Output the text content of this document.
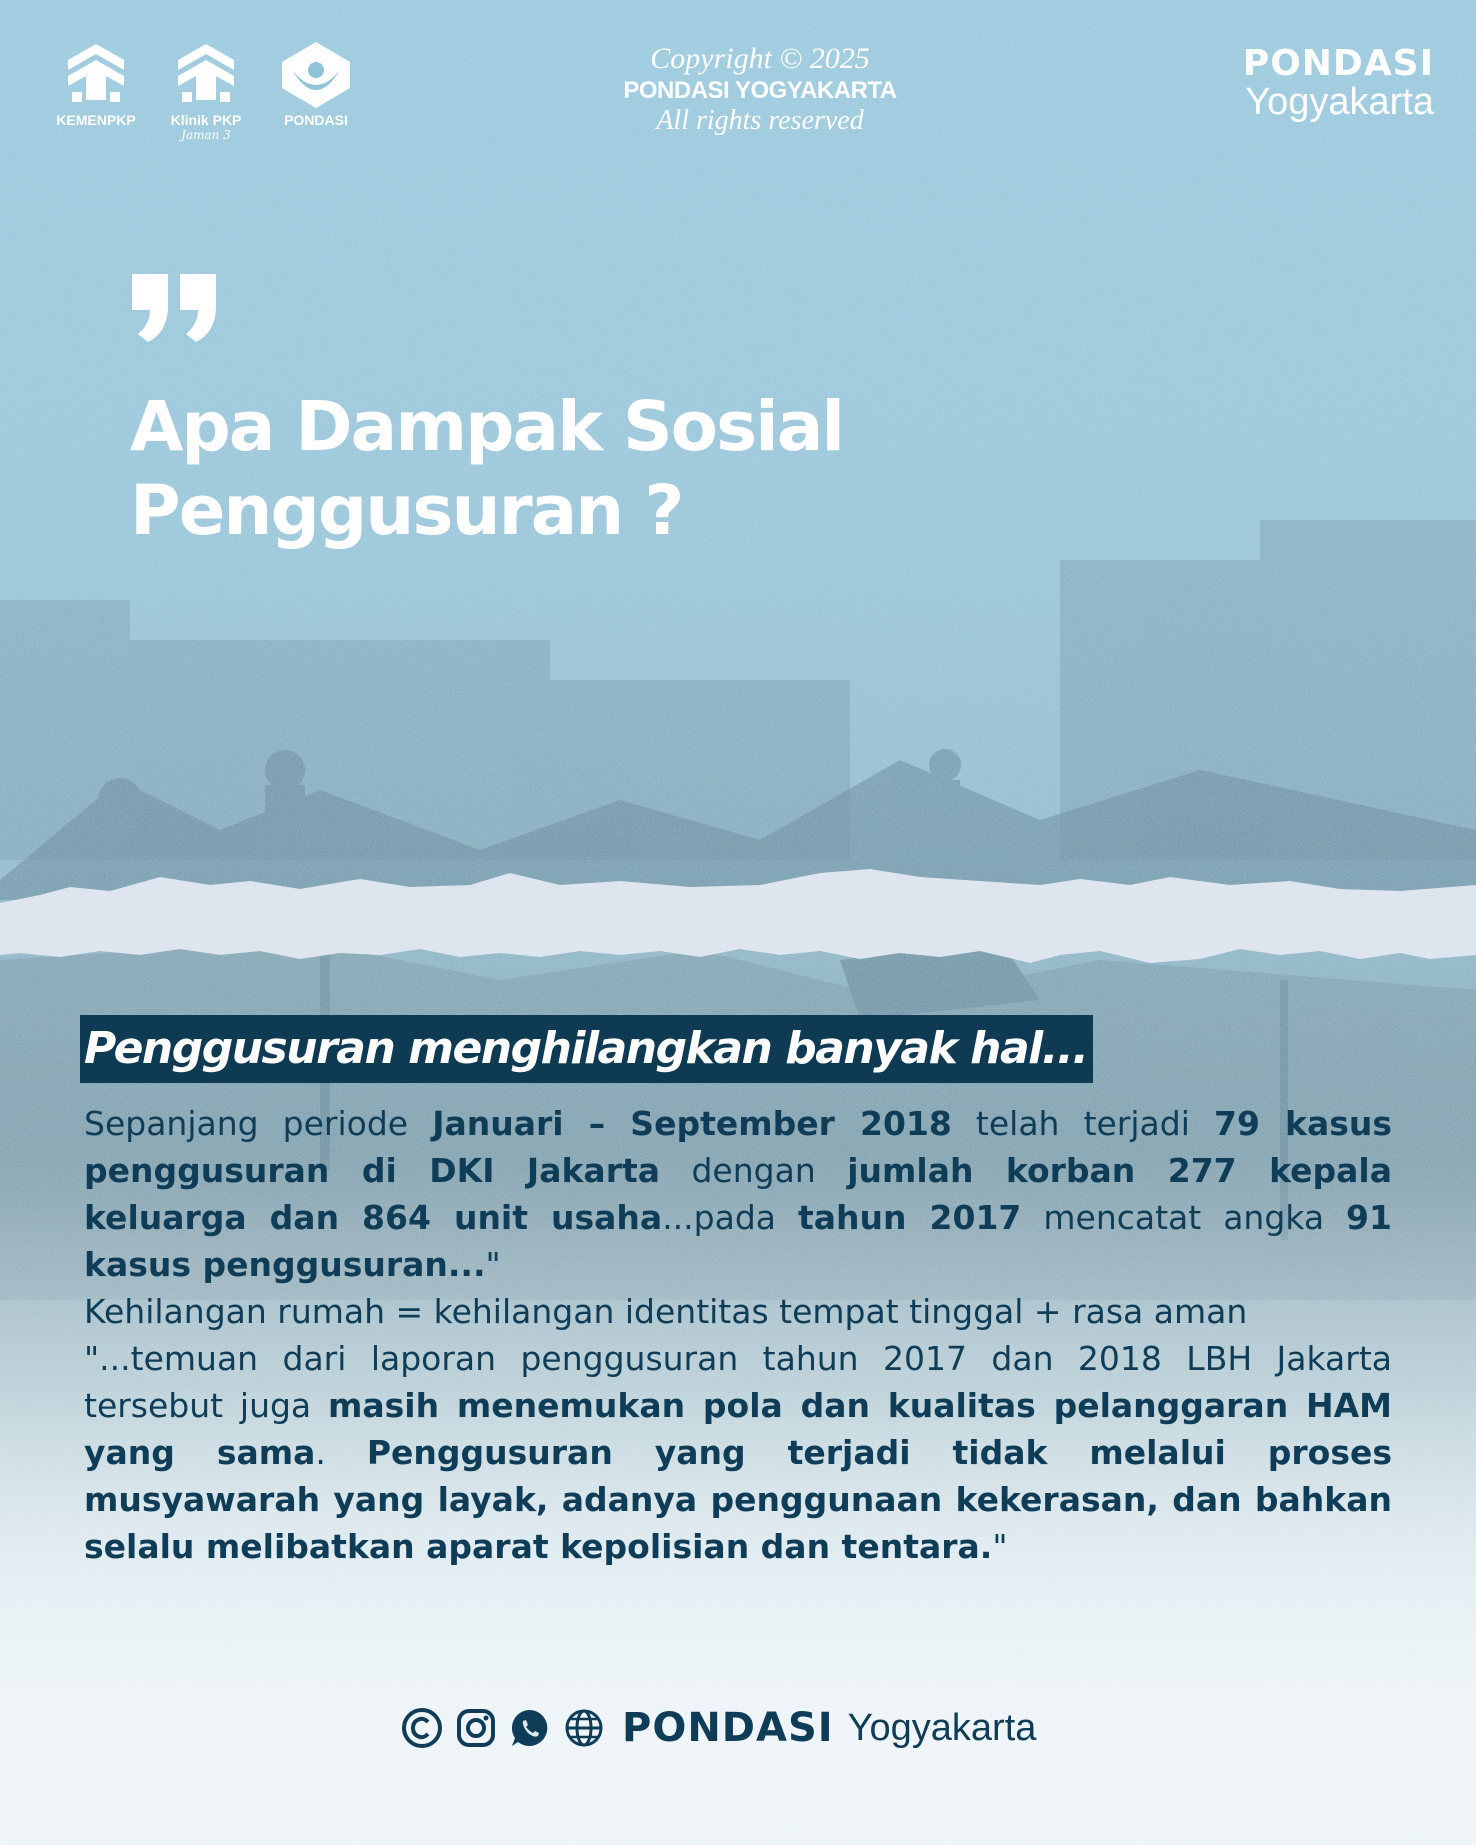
KEMENPKP Klinik PKP
Jaman 3
PONDASI
Copyright © 2025
PONDASI YOGYAKARTA
All rights reserved
PONDASI
Yogyakarta
Apa Dampak Sosial
Penggusuran ?
Penggusuran menghilangkan banyak hal...

Sepanjang periode Januari – September 2018 telah terjadi 79 kasus penggusuran di DKI Jakarta dengan jumlah korban 277 kepala keluarga dan 864 unit usaha...pada tahun 2017 mencatat angka 91 kasus penggusuran..."

Kehilangan rumah = kehilangan identitas tempat tinggal + rasa aman

"...temuan dari laporan penggusuran tahun 2017 dan 2018 LBH Jakarta tersebut juga masih menemukan pola dan kualitas pelanggaran HAM yang sama. Penggusuran yang terjadi tidak melalui proses musyawarah yang layak, adanya penggunaan kekerasan, dan bahkan selalu melibatkan aparat kepolisian dan tentara."

PONDASI Yogyakarta
